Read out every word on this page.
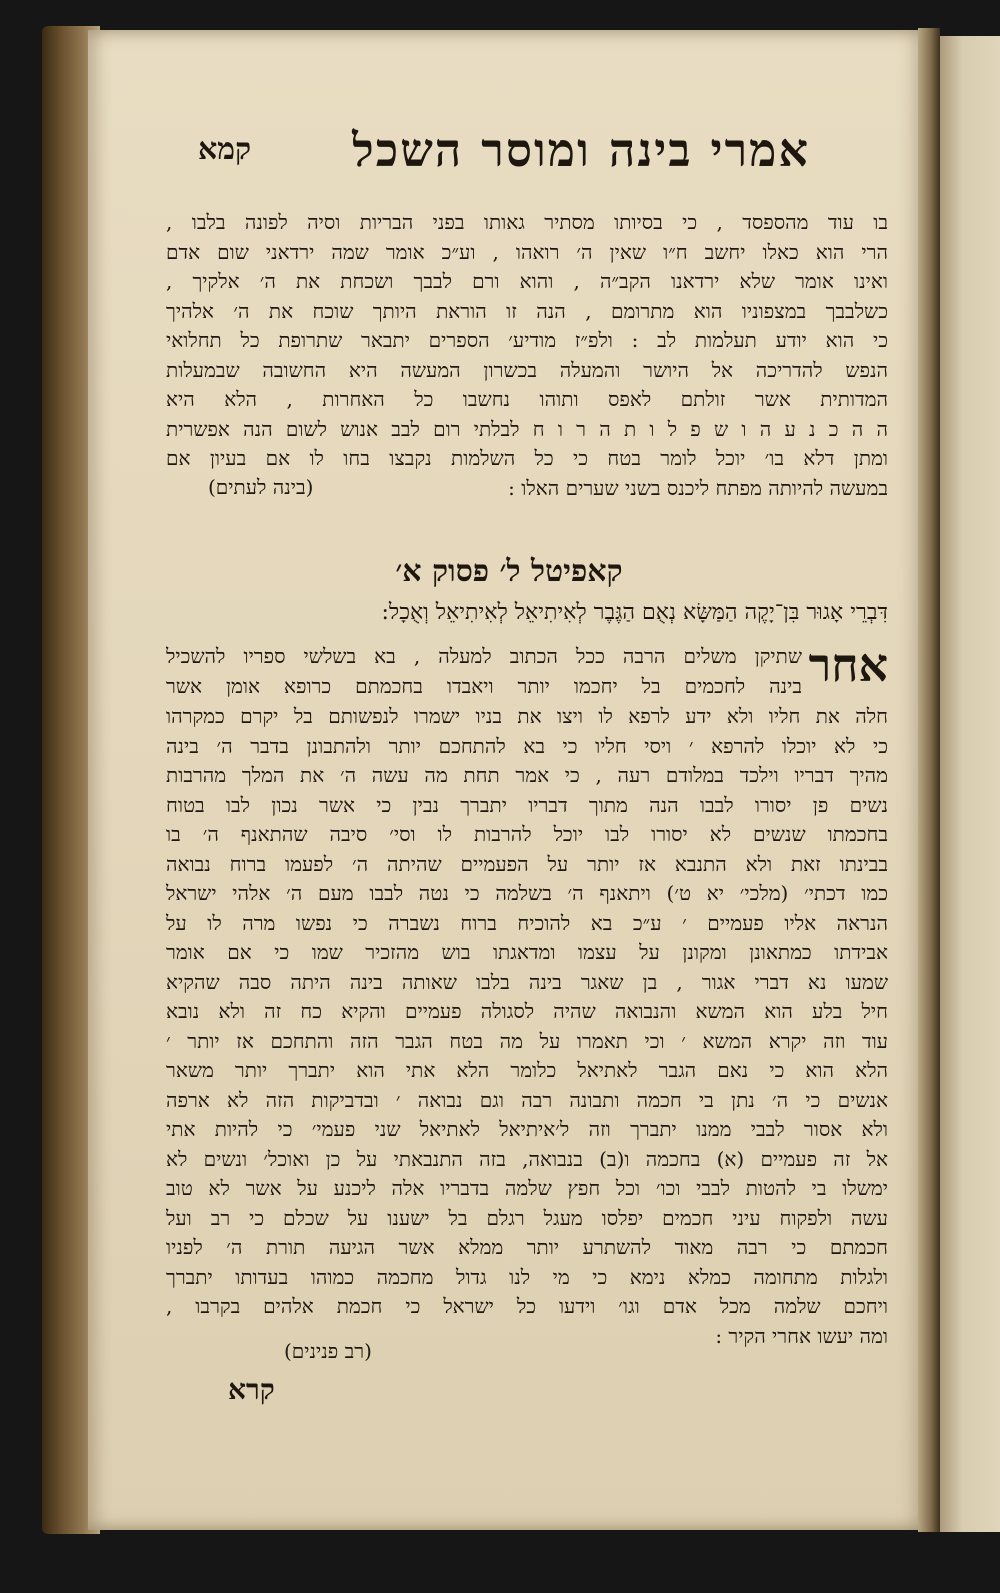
אמרי בינה ומוסר השכל
קמא
בו עוד מהספסד , כי בסיותו מסתיר גאותו בפני הבריות וסיה לפונה בלבו ,
הרי הוא כאלו יחשב ח״ו שאין ה׳ רואהו , וע״כ אומר שמה ירדאני שום אדם
ואינו אומר שלא ירדאנו הקב״ה , והוא ורם לבבך ושכחת את ה׳ אלקיך ,
כשלבבך במצפוניו הוא מתרומם , הנה זו הוראת היותך שוכח את ה׳ אלהיך
כי הוא יודע תעלמות לב : ולפ״ז מודיע׳ הספרים יתבאר שתרופת כל תחלואי
הנפש להדריכה אל היושר והמעלה בכשרון המעשה היא החשובה שבמעלות
המדותית אשר זולתם לאפס ותוהו נחשבו כל האחרות , הלא היא
ה ה כ נ ע ה ו ש פ ל ו ת ה ר ו ח לבלתי רום לבב אנוש לשום הנה אפשרית
ומתן דלא בו׳ יוכל לומר בטח כי כל השלמות נקבצו בחו לו אם בעיון אם
במעשה להיותה מפתח ליכנס בשני שערים האלו :
(בינה לעתים)
קאפיטל ל׳ פסוק א׳
דִּבְרֵי אָגוּר בִּן־יָקֶה הַמַּשָּׂא נְאֻם הַגֶּבֶר לְאִיתִיאֵל לְאִיתִיאֵל וְאֻכָל:
אחר
שתיקן משלים הרבה ככל הכתוב למעלה , בא בשלשי ספריו להשכיל
בינה לחכמים בל יחכמו יותר ויאבדו בחכמתם כרופא אומן אשר
חלה את חליו ולא ידע לרפא לו ויצו את בניו ישמרו לנפשותם בל יקרם כמקרהו
כי לא יוכלו להרפא ׳ ויסי חליו כי בא להתחכם יותר ולהתבונן בדבר ה׳ בינה
מהיך דבריו וילכד במלודם רעה , כי אמר תחת מה עשה ה׳ את המלך מהרבות
נשים פן יסורו לבבו הנה מתוך דבריו יתברך נבין כי אשר נכון לבו בטוח
בחכמתו שנשים לא יסורו לבו יוכל להרבות לו וסי׳ סיבה שהתאנף ה׳ בו
בבינתו זאת ולא התנבא אז יותר על הפעמיים שהיתה ה׳ לפעמו ברוח נבואה
כמו דכתי׳ (מלכי׳ יא ט׳) ויתאנף ה׳ בשלמה כי נטה לבבו מעם ה׳ אלהי ישראל
הנראה אליו פעמיים ׳ ע״כ בא להוכיח ברוח נשברה כי נפשו מרה לו על
אבידתו כמתאונן ומקונן על עצמו ומדאגתו בוש מהזכיר שמו כי אם אומר
שמעו נא דברי אגור , בן שאגר בינה בלבו שאותה בינה היתה סבה שהקיא
חיל בלע הוא המשא והנבואה שהיה לסגולה פעמיים והקיא כח זה ולא נובא
עוד וזה יקרא המשא ׳ וכי תאמרו על מה בטח הגבר הזה והתחכם אז יותר ׳
הלא הוא כי נאם הגבר לאתיאל כלומר הלא אתי הוא יתברך יותר משאר
אנשים כי ה׳ נתן בי חכמה ותבונה רבה וגם נבואה ׳ ובדביקות הזה לא ארפה
ולא אסור לבבי ממנו יתברך וזה ל׳איתיאל לאתיאל שני פעמי׳ כי להיות אתי
אל זה פעמיים (א) בחכמה ו(ב) בנבואה, בזה התנבאתי על כן ואוכל׳ ונשים לא
ימשלו בי להטות לבבי וכו׳ וכל חפץ שלמה בדבריו אלה ליכנע על אשר לא טוב
עשה ולפקוח עיני חכמים יפלסו מעגל רגלם בל ישענו על שכלם כי רב ועל
חכמתם כי רבה מאוד להשתרע יותר ממלא אשר הגיעה תורת ה׳ לפניו
ולגלות מתחומה כמלא נימא כי מי לנו גדול מחכמה כמוהו בעדותו יתברך
ויחכם שלמה מכל אדם וגו׳ וידעו כל ישראל כי חכמת אלהים בקרבו ,
ומה יעשו אחרי הקיר :
(רב פנינים)
קרא
